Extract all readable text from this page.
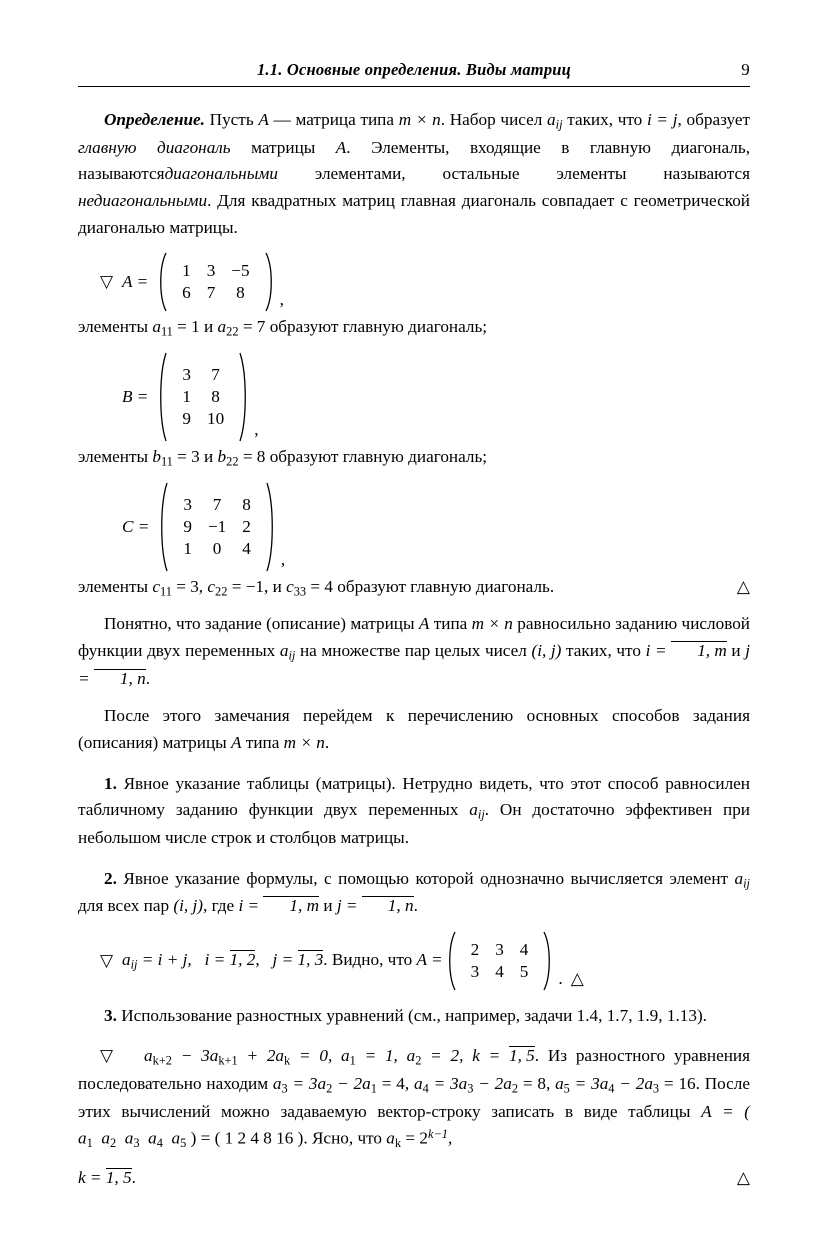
1.1. Основные определения. Виды матриц	9

Определение. Пусть A — матрица типа m × n. Набор чисел $a_{ij}$ таких, что i = j, образует главную диагональ матрицы A. Элементы, входящие в главную диагональ, называютсядиагональными элементами, остальные элементы называются недиагональными. Для квадратных матриц главная диагональ совпадает с геометрической диагональю матрицы.

▽ A =
1 3 −5
6 7	8	,

элементы $a_{11} = 1$ и $a_{22} = 7$ образуют главную диагональ;

B =
3	7
1	8
9 10
,

элементы $b_{11} = 3$ и $b_{22} = 8$ образуют главную диагональ;

C =
3	7	8
9 −1 2
1	0	4
,

элементы $c_{11} = 3$, $c_{22} = -1$, и $c_{33} = 4$ образуют главную диагональ.	△

Понятно, что задание (описание) матрицы A типа m × n равносильно заданию числовой функции двух переменных $a_{ij}$ на множестве пар целых чисел (i, j) таких, что i = 1, m и j = 1, n.

После этого замечания перейдем к перечислению основных способов задания (описания) матрицы A типа m × n.

1. Явное указание таблицы (матрицы). Нетрудно видеть, что этот способ равносилен табличному заданию функции двух переменных $a_{ij}$. Он достаточно эффективен при небольшом числе строк и столбцов матрицы.

2. Явное указание формулы, с помощью которой однозначно вычисляется элемент $a_{ij}$ для всех пар (i, j), где i = 1, m и j = 1, n.

▽ $a_{ij} = i + j$, i = 1, 2, j = 1, 3. Видно, что A =
2 3 4
3 4 5	. △

3. Использование разностных уравнений (см., например, задачи 1.4, 1.7, 1.9, 1.13).

▽ $a_{k+2} - 3a_{k+1} + 2a_k = 0$, $a_1 = 1$, $a_2 = 2$, k = 1, 5. Из разностного уравнения последовательно находим $a_3 = 3a_2 - 2a_1 = 4$, $a_4 = 3a_3 - 2a_2 = 8$, $a_5 = 3a_4 - 2a_3 = 16$. После этих вычислений можно задаваемую вектор-строку записать в виде таблицы A = ( $a_1$ $a_2$ $a_3$ $a_4$ $a_5$ ) = ( 1 2 4 8 16 ). Ясно, что $a_k = 2^{k-1}$,

k = 1, 5.	△
